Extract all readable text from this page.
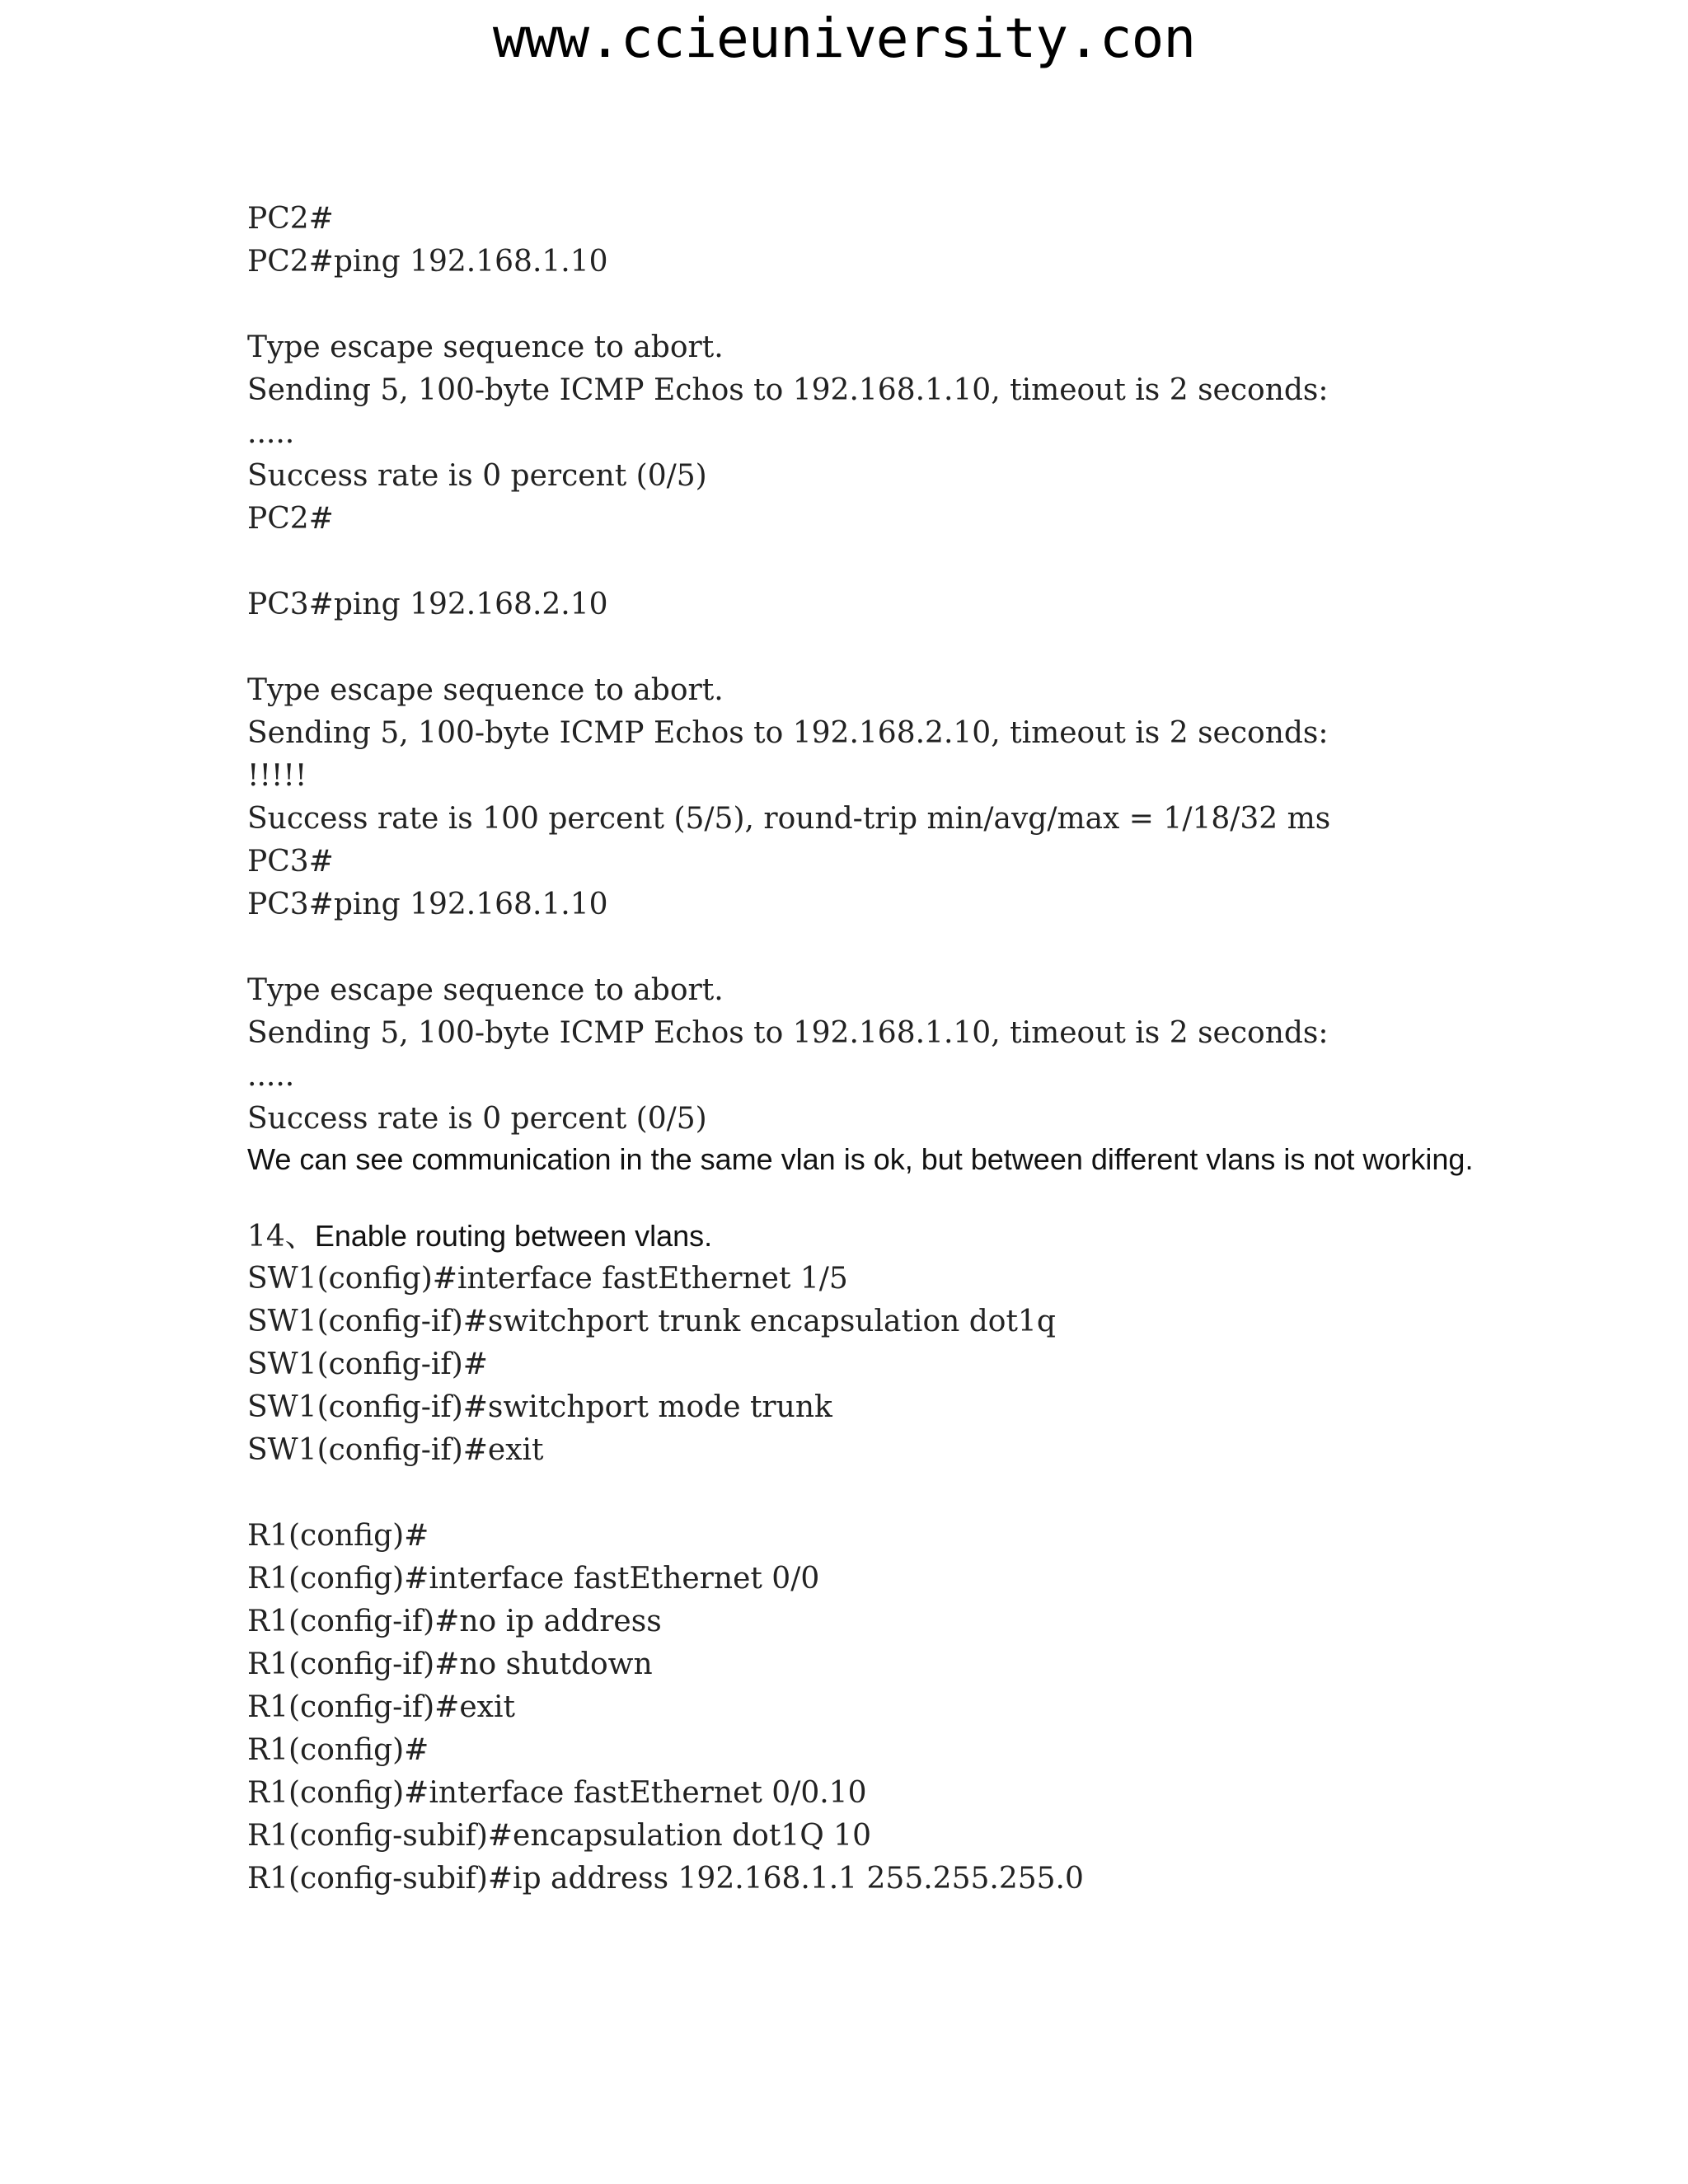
www.ccieuniversity.con
PC2#
PC2#ping 192.168.1.10
Type escape sequence to abort.
Sending 5, 100-byte ICMP Echos to 192.168.1.10, timeout is 2 seconds:
.....
Success rate is 0 percent (0/5)
PC2#
PC3#ping 192.168.2.10
Type escape sequence to abort.
Sending 5, 100-byte ICMP Echos to 192.168.2.10, timeout is 2 seconds:
!!!!!
Success rate is 100 percent (5/5), round-trip min/avg/max = 1/18/32 ms
PC3#
PC3#ping 192.168.1.10
Type escape sequence to abort.
Sending 5, 100-byte ICMP Echos to 192.168.1.10, timeout is 2 seconds:
.....
Success rate is 0 percent (0/5)
We can see communication in the same vlan is ok, but between different vlans is not working.
14、Enable routing between vlans.
SW1(config)#interface fastEthernet 1/5
SW1(config-if)#switchport trunk encapsulation dot1q
SW1(config-if)#
SW1(config-if)#switchport mode trunk
SW1(config-if)#exit
R1(config)#
R1(config)#interface fastEthernet 0/0
R1(config-if)#no ip address
R1(config-if)#no shutdown
R1(config-if)#exit
R1(config)#
R1(config)#interface fastEthernet 0/0.10
R1(config-subif)#encapsulation dot1Q 10
R1(config-subif)#ip address 192.168.1.1 255.255.255.0
